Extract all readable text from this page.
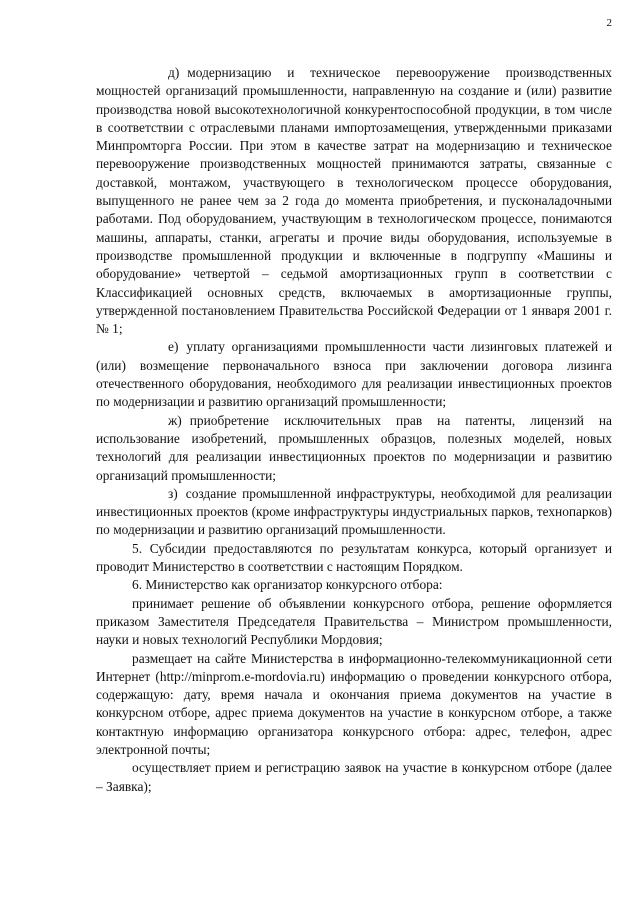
2

д) модернизацию и техническое перевооружение производственных мощностей организаций промышленности, направленную на создание и (или) развитие производства новой высокотехнологичной конкурентоспособной продукции, в том числе в соответствии с отраслевыми планами импортозамещения, утвержденными приказами Минпромторга России. При этом в качестве затрат на модернизацию и техническое перевооружение производственных мощностей принимаются затраты, связанные с доставкой, монтажом, участвующего в технологическом процессе оборудования, выпущенного не ранее чем за 2 года до момента приобретения, и пусконаладочными работами. Под оборудованием, участвующим в технологическом процессе, понимаются машины, аппараты, станки, агрегаты и прочие виды оборудования, используемые в производстве промышленной продукции и включенные в подгруппу «Машины и оборудование» четвертой – седьмой амортизационных групп в соответствии с Классификацией основных средств, включаемых в амортизационные группы, утвержденной постановлением Правительства Российской Федерации от 1 января 2001 г. № 1;

е) уплату организациями промышленности части лизинговых платежей и (или) возмещение первоначального взноса при заключении договора лизинга отечественного оборудования, необходимого для реализации инвестиционных проектов по модернизации и развитию организаций промышленности;

ж) приобретение исключительных прав на патенты, лицензий на использование изобретений, промышленных образцов, полезных моделей, новых технологий для реализации инвестиционных проектов по модернизации и развитию организаций промышленности;

з) создание промышленной инфраструктуры, необходимой для реализации инвестиционных проектов (кроме инфраструктуры индустриальных парков, технопарков) по модернизации и развитию организаций промышленности.

5. Субсидии предоставляются по результатам конкурса, который организует и проводит Министерство в соответствии с настоящим Порядком.

6. Министерство как организатор конкурсного отбора:

принимает решение об объявлении конкурсного отбора, решение оформляется приказом Заместителя Председателя Правительства – Министром промышленности, науки и новых технологий Республики Мордовия;

размещает на сайте Министерства в информационно-телекоммуникационной сети Интернет (http://minprom.e-mordovia.ru) информацию о проведении конкурсного отбора, содержащую: дату, время начала и окончания приема документов на участие в конкурсном отборе, адрес приема документов на участие в конкурсном отборе, а также контактную информацию организатора конкурсного отбора: адрес, телефон, адрес электронной почты;

осуществляет прием и регистрацию заявок на участие в конкурсном отборе (далее – Заявка);
